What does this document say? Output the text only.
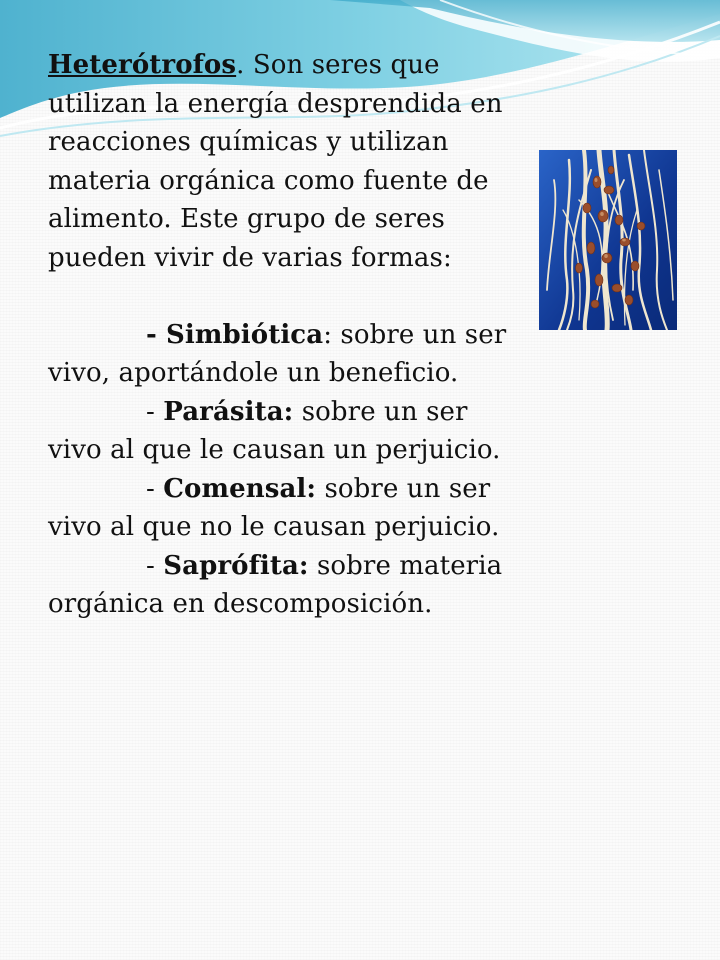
Heterótrofos. Son seres que
utilizan la energía desprendida en
reacciones químicas y utilizan
materia orgánica como fuente de
alimento. Este grupo de seres
pueden vivir de varias formas:
- Simbiótica: sobre un ser
vivo, aportándole un beneficio.
- Parásita: sobre un ser
vivo al que le causan un perjuicio.
- Comensal: sobre un ser
vivo al que no le causan perjuicio.
- Saprófita: sobre materia
orgánica en descomposición.
